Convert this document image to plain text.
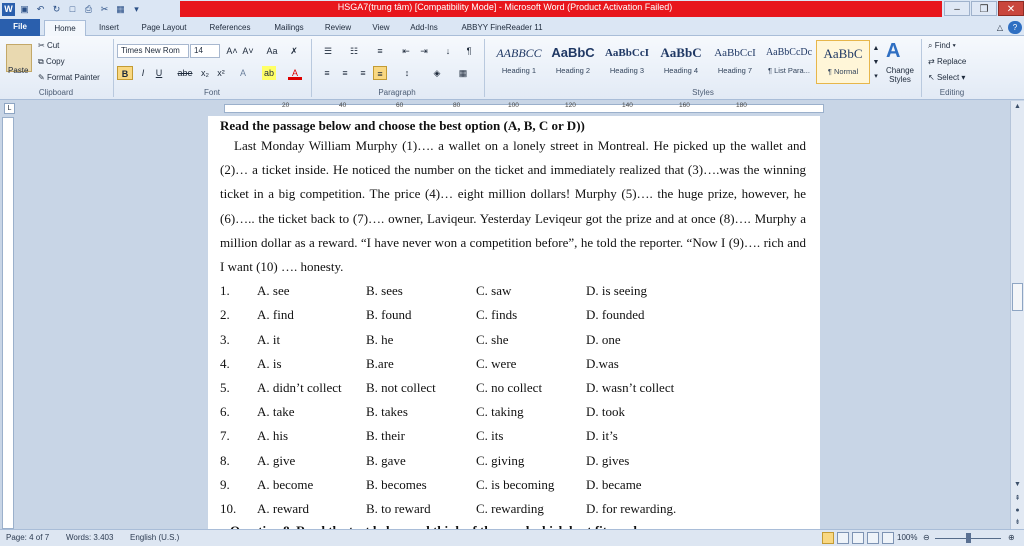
W ▣ ↶ ↻	□	⎙ ✂ ▦	▾	HSGA7(trung tâm) [Compatibility Mode] - Microsoft Word (Product Activation Failed)	–	❐	✕
File	Home	Insert	Page Layout	References	Mailings	Review	View	Add-Ins	ABBYY FineReader 11	△	?
Paste
✂ Cut
⧉ Copy
✎ Format Painter
Clipboard
Times New Rom	14	A˄ A˅	Aa	✗
B	I	U	abe x₂ x²	A	ab	A
Font
☰	☷	≡	⇤	⇥	↓	¶
≡	≡	≡	≡	↕	◈	▦
Paragraph
AABBCC
Heading 1
AaBbC
Heading 2
AaBbCcI
Heading 3
AaBbC
Heading 4
AaBbCcI
Heading 7
AaBbCcDc
¶ List Para...
AaBbC
¶ Normal
▲
▼
▾
A
Change Styles
Styles
⌕ Find ▾
⇄ Replace
↖ Select ▾
Editing
L	20	40	60	80	100	120	140	160	180
Read the passage below and choose the best option (A, B, C or D))
Last Monday William Murphy (1)…. a wallet on a lonely street in Montreal. He picked up the wallet and (2)… a ticket inside. He noticed the number on the ticket and immediately realized that (3)….was the winning ticket in a big competition. The price (4)… eight million dollars! Murphy (5)…. the huge prize, however, he (6)….. the ticket back to (7)…. owner, Laviqeur. Yesterday Leviqeur got the prize and at once (8)…. Murphy a million dollar as a reward. “I have never won a competition before”, he told the reporter. “Now I (9)…. rich and I want (10) …. honesty.
1. A. see	B. sees	C. saw	D. is seeing
2. A. find	B. found	C. finds	D. founded
3. A. it	B. he	C. she	D. one
4. A. is	B.are	C. were	D.was
5. A. didn’t collect B. not collect	C. no collect	D. wasn’t collect
6. A. take	B. takes	C. taking	D. took
7. A. his	B. their	C. its	D. it’s
8. A. give	B. gave	C. giving	D. gives
9. A. become	B. becomes	C. is becoming D. became
10. A. reward	B. to reward	C. rewarding	D. for rewarding.
▲
▼
⇞
●
⇟
Page: 4 of 7 Words: 3.403 English (U.S.)	100% ⊖	⊕
